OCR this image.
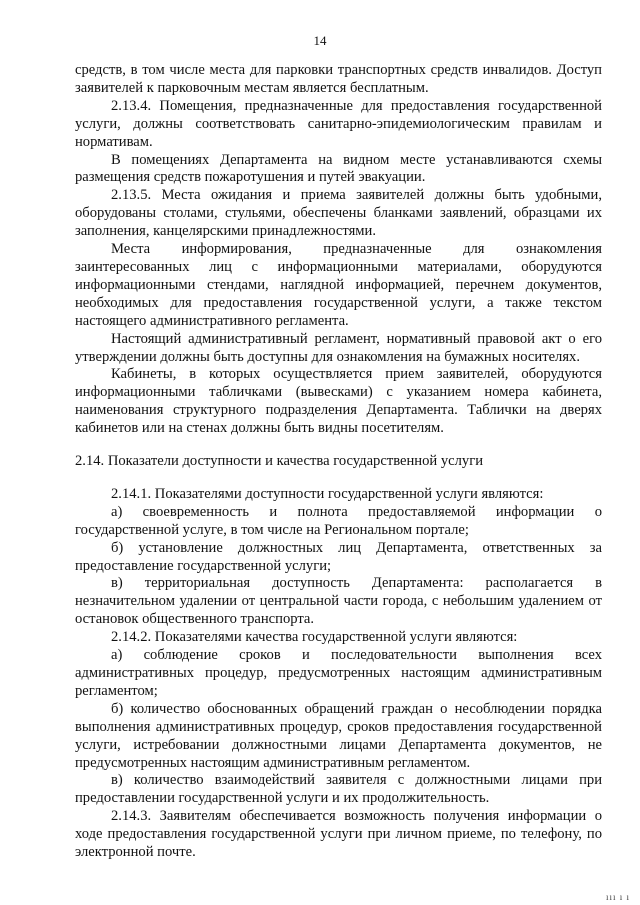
14

средств, в том числе места для парковки транспортных средств инвалидов. Доступ заявителей к парковочным местам является бесплатным.

2.13.4. Помещения, предназначенные для предоставления государственной услуги, должны соответствовать санитарно-эпидемиологическим правилам и нормативам.

В помещениях Департамента на видном месте устанавливаются схемы размещения средств пожаротушения и путей эвакуации.

2.13.5. Места ожидания и приема заявителей должны быть удобными, оборудованы столами, стульями, обеспечены бланками заявлений, образцами их заполнения, канцелярскими принадлежностями.

Места информирования, предназначенные для ознакомления заинтересованных лиц с информационными материалами, оборудуются информационными стендами, наглядной информацией, перечнем документов, необходимых для предоставления государственной услуги, а также текстом настоящего административного регламента.

Настоящий административный регламент, нормативный правовой акт о его утверждении должны быть доступны для ознакомления на бумажных носителях.

Кабинеты, в которых осуществляется прием заявителей, оборудуются информационными табличками (вывесками) с указанием номера кабинета, наименования структурного подразделения Департамента. Таблички на дверях кабинетов или на стенах должны быть видны посетителям.

2.14. Показатели доступности и качества государственной услуги

2.14.1. Показателями доступности государственной услуги являются:

а) своевременность и полнота предоставляемой информации о государственной услуге, в том числе на Региональном портале;

б) установление должностных лиц Департамента, ответственных за предоставление государственной услуги;

в) территориальная доступность Департамента: располагается в незначительном удалении от центральной части города, с небольшим удалением от остановок общественного транспорта.

2.14.2. Показателями качества государственной услуги являются:

а) соблюдение сроков и последовательности выполнения всех административных процедур, предусмотренных настоящим административным регламентом;

б) количество обоснованных обращений граждан о несоблюдении порядка выполнения административных процедур, сроков предоставления государственной услуги, истребовании должностными лицами Департамента документов, не предусмотренных настоящим административным регламентом.

в) количество взаимодействий заявителя с должностными лицами при предоставлении государственной услуги и их продолжительность.

2.14.3. Заявителям обеспечивается возможность получения информации о ходе предоставления государственной услуги при личном приеме, по телефону, по электронной почте.

ııı ı ı
